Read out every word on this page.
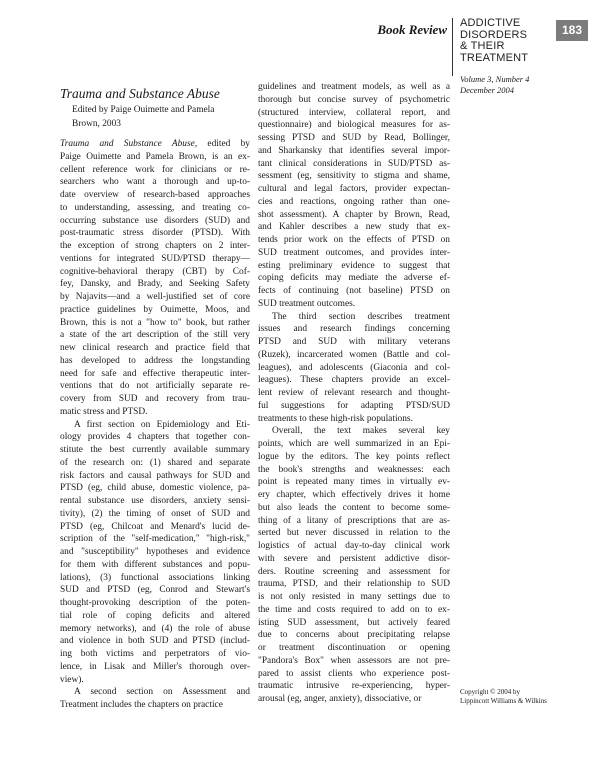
Book Review ADDICTIVE
DISORDERS
& THEIR
TREATMENT
183
Volume 3, Number 4
December 2004
Trauma and Substance Abuse
Edited by Paige Ouimette and Pamela
Brown, 2003
Trauma and Substance Abuse, edited by
Paige Ouimette and Pamela Brown, is an ex-
cellent reference work for clinicians or re-
searchers who want a thorough and up-to-
date overview of research-based approaches
to understanding, assessing, and treating co-
occurring substance use disorders (SUD) and
post-traumatic stress disorder (PTSD). With
the exception of strong chapters on 2 inter-
ventions for integrated SUD/PTSD therapy—
cognitive-behavioral therapy (CBT) by Cof-
fey, Dansky, and Brady, and Seeking Safety
by Najavits—and a well-justified set of core
practice guidelines by Ouimette, Moos, and
Brown, this is not a "how to" book, but rather
a state of the art description of the still very
new clinical research and practice field that
has developed to address the longstanding
need for safe and effective therapeutic inter-
ventions that do not artificially separate re-
covery from SUD and recovery from trau-
matic stress and PTSD.
A first section on Epidemiology and Eti-
ology provides 4 chapters that together con-
stitute the best currently available summary
of the research on: (1) shared and separate
risk factors and causal pathways for SUD and
PTSD (eg, child abuse, domestic violence, pa-
rental substance use disorders, anxiety sensi-
tivity), (2) the timing of onset of SUD and
PTSD (eg, Chilcoat and Menard's lucid de-
scription of the "self-medication," "high-risk,"
and "susceptibility" hypotheses and evidence
for them with different substances and popu-
lations), (3) functional associations linking
SUD and PTSD (eg, Conrod and Stewart's
thought-provoking description of the poten-
tial role of coping deficits and altered
memory networks), and (4) the role of abuse
and violence in both SUD and PTSD (includ-
ing both victims and perpetrators of vio-
lence, in Lisak and Miller's thorough over-
view).
A second section on Assessment and
Treatment includes the chapters on practice
guidelines and treatment models, as well as a
thorough but concise survey of psychometric
(structured interview, collateral report, and
questionnaire) and biological measures for as-
sessing PTSD and SUD by Read, Bollinger,
and Sharkansky that identifies several impor-
tant clinical considerations in SUD/PTSD as-
sessment (eg, sensitivity to stigma and shame,
cultural and legal factors, provider expectan-
cies and reactions, ongoing rather than one-
shot assessment). A chapter by Brown, Read,
and Kahler describes a new study that ex-
tends prior work on the effects of PTSD on
SUD treatment outcomes, and provides inter-
esting preliminary evidence to suggest that
coping deficits may mediate the adverse ef-
fects of continuing (not baseline) PTSD on
SUD treatment outcomes.
The third section describes treatment
issues and research findings concerning
PTSD and SUD with military veterans
(Ruzek), incarcerated women (Battle and col-
leagues), and adolescents (Giaconia and col-
leagues). These chapters provide an excel-
lent review of relevant research and thought-
ful suggestions for adapting PTSD/SUD
treatments to these high-risk populations.
Overall, the text makes several key
points, which are well summarized in an Epi-
logue by the editors. The key points reflect
the book's strengths and weaknesses: each
point is repeated many times in virtually ev-
ery chapter, which effectively drives it home
but also leads the content to become some-
thing of a litany of prescriptions that are as-
serted but never discussed in relation to the
logistics of actual day-to-day clinical work
with severe and persistent addictive disor-
ders. Routine screening and assessment for
trauma, PTSD, and their relationship to SUD
is not only resisted in many settings due to
the time and costs required to add on to ex-
isting SUD assessment, but actively feared
due to concerns about precipitating relapse
or treatment discontinuation or opening
"Pandora's Box" when assessors are not pre-
pared to assist clients who experience post-
traumatic intrusive re-experiencing, hyper-
arousal (eg, anger, anxiety), dissociative, or
Copyright © 2004 by
Lippincott Williams & Wilkins
